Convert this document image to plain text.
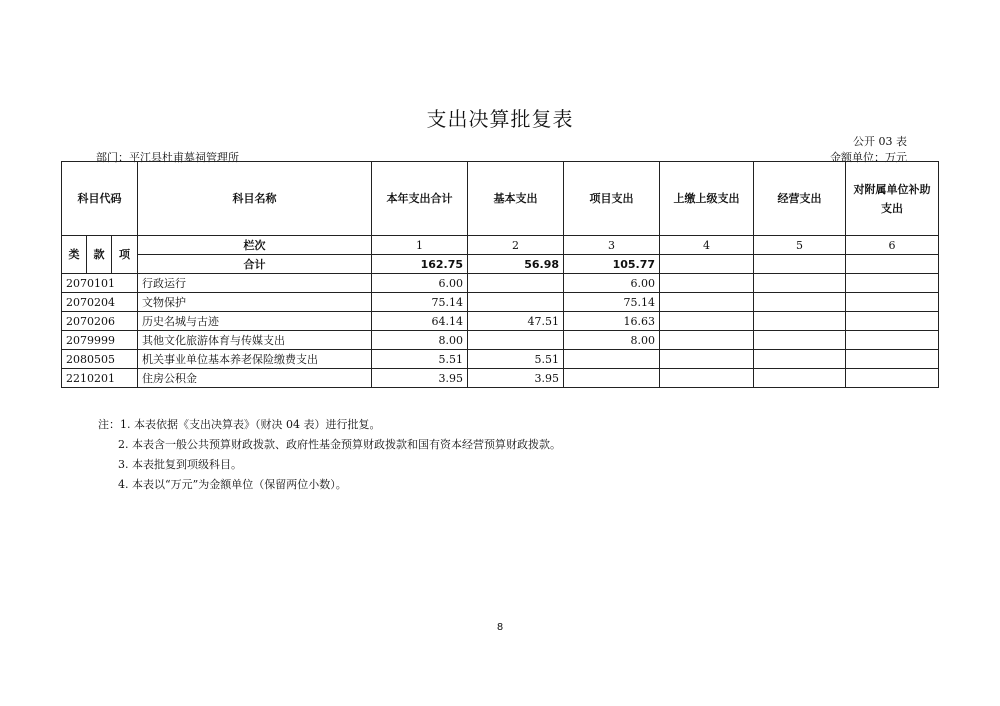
支出决算批复表
公开 03 表
部门：平江县杜甫墓祠管理所	金额单位：万元
科目代码			科目名称	本年支出合计	基本支出	项目支出	上缴上级支出	经营支出	对附属单位补助支出
类	款	项	栏次	1	2	3	4	5	6
			合计	162.75	56.98	105.77			
2070101			行政运行	6.00		6.00			
2070204			文物保护	75.14		75.14			
2070206			历史名城与古迹	64.14	47.51	16.63			
2079999			其他文化旅游体育与传媒支出	8.00		8.00			
2080505			机关事业单位基本养老保险缴费支出	5.51	5.51				
2210201			住房公积金	3.95	3.95				
注：1. 本表依据《支出决算表》（财决 04 表）进行批复。
2. 本表含一般公共预算财政拨款、政府性基金预算财政拨款和国有资本经营预算财政拨款。
3. 本表批复到项级科目。
4. 本表以“万元”为金额单位（保留两位小数）。
8
